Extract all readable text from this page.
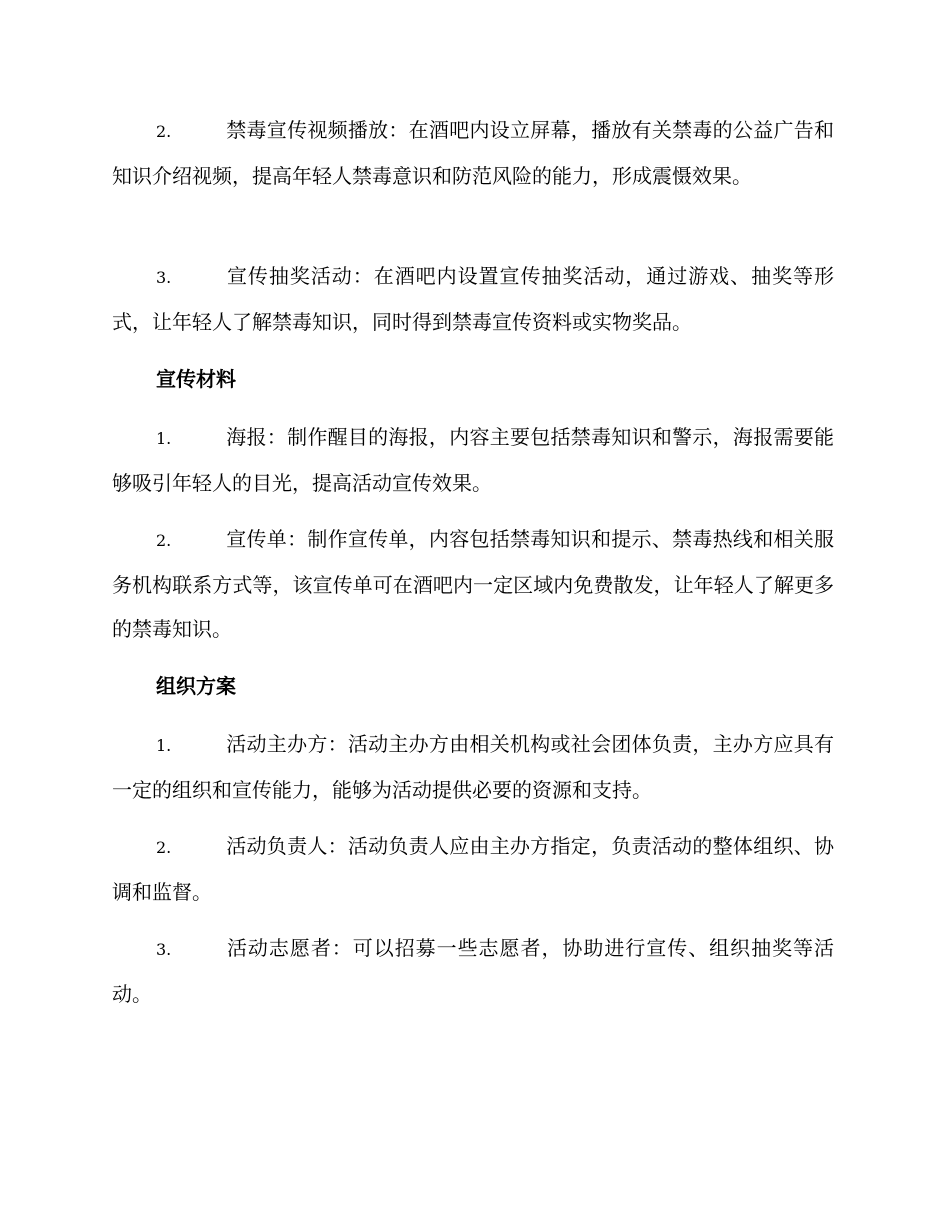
2.	禁毒宣传视频播放：在酒吧内设立屏幕，播放有关禁毒的公益广告和知识介绍视频，提高年轻人禁毒意识和防范风险的能力，形成震慑效果。

3.	宣传抽奖活动：在酒吧内设置宣传抽奖活动，通过游戏、抽奖等形式，让年轻人了解禁毒知识，同时得到禁毒宣传资料或实物奖品。

宣传材料

1.	海报：制作醒目的海报，内容主要包括禁毒知识和警示，海报需要能够吸引年轻人的目光，提高活动宣传效果。

2.	宣传单：制作宣传单，内容包括禁毒知识和提示、禁毒热线和相关服务机构联系方式等，该宣传单可在酒吧内一定区域内免费散发，让年轻人了解更多的禁毒知识。

组织方案

1.	活动主办方：活动主办方由相关机构或社会团体负责，主办方应具有一定的组织和宣传能力，能够为活动提供必要的资源和支持。

2.	活动负责人：活动负责人应由主办方指定，负责活动的整体组织、协调和监督。

3.	活动志愿者：可以招募一些志愿者，协助进行宣传、组织抽奖等活动。
